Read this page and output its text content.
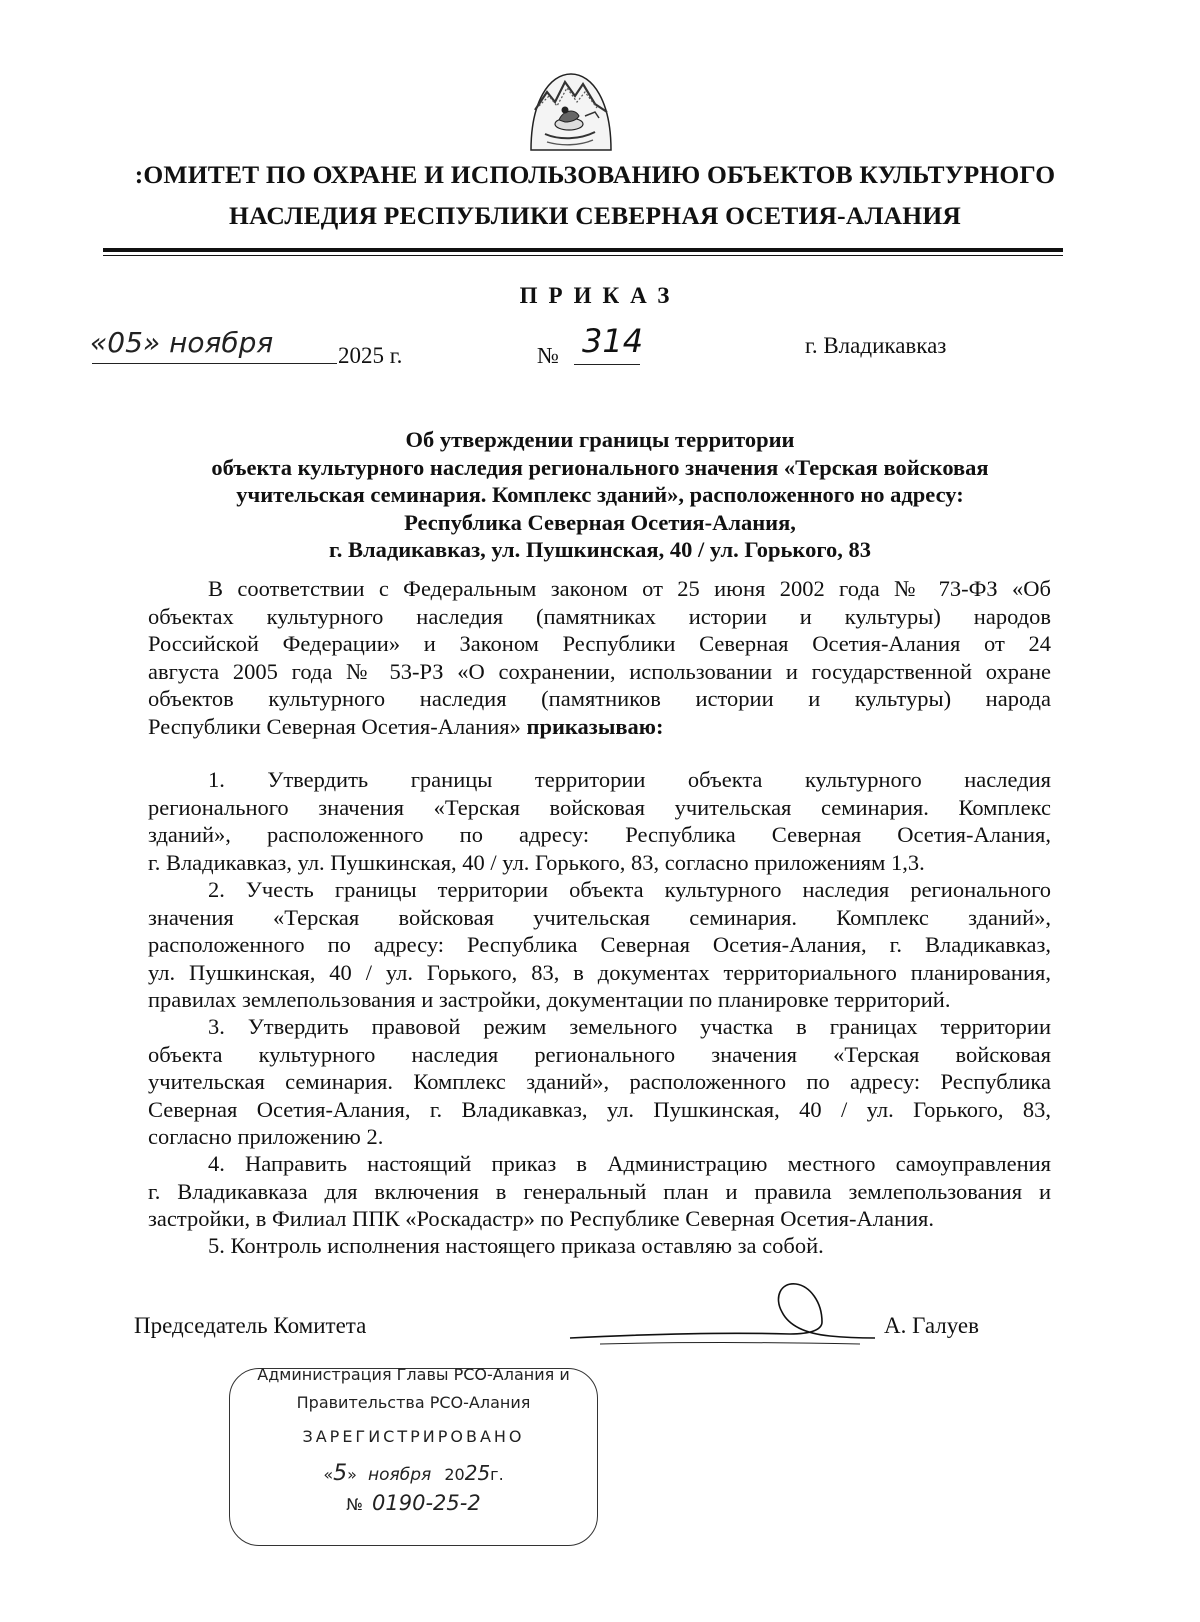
:ОМИТЕТ ПО ОХРАНЕ И ИСПОЛЬЗОВАНИЮ ОБЪЕКТОВ КУЛЬТУРНОГО
НАСЛЕДИЯ РЕСПУБЛИКИ СЕВЕРНАЯ ОСЕТИЯ-АЛАНИЯ
ПРИКАЗ
«05» ноября	2025 г.	№ 314	г. Владикавказ
Об утверждении границы территории
объекта культурного наследия регионального значения «Терская войсковая
учительская семинария. Комплекс зданий», расположенного но адресу:
Республика Северная Осетия-Алания,
г. Владикавказ, ул. Пушкинская, 40 / ул. Горького, 83
В соответствии с Федеральным законом от 25 июня 2002 года № 73-ФЗ «Об
объектах культурного наследия (памятниках истории и культуры) народов
Российской Федерации» и Законом Республики Северная Осетия-Алания от 24
августа 2005 года № 53-РЗ «О сохранении, использовании и государственной охране
объектов культурного наследия (памятников истории и культуры) народа
Республики Северная Осетия-Алания» приказываю:
1. Утвердить границы территории объекта культурного наследия
регионального значения «Терская войсковая учительская семинария. Комплекс
зданий», расположенного по адресу: Республика Северная Осетия-Алания,
г. Владикавказ, ул. Пушкинская, 40 / ул. Горького, 83, согласно приложениям 1,3.
2. Учесть границы территории объекта культурного наследия регионального
значения «Терская войсковая учительская семинария. Комплекс зданий»,
расположенного по адресу: Республика Северная Осетия-Алания, г. Владикавказ,
ул. Пушкинская, 40 / ул. Горького, 83, в документах территориального планирования,
правилах землепользования и застройки, документации по планировке территорий.
3. Утвердить правовой режим земельного участка в границах территории
объекта культурного наследия регионального значения «Терская войсковая
учительская семинария. Комплекс зданий», расположенного по адресу: Республика
Северная Осетия-Алания, г. Владикавказ, ул. Пушкинская, 40 / ул. Горького, 83,
согласно приложению 2.
4. Направить настоящий приказ в Администрацию местного самоуправления
г. Владикавказа для включения в генеральный план и правила землепользования и
застройки, в Филиал ППК «Роскадастр» по Республике Северная Осетия-Алания.
5. Контроль исполнения настоящего приказа оставляю за собой.
Председатель Комитета	А. Галуев
Администрация Главы РСО-Алания и
Правительства РСО-Алания
ЗАРЕГИСТРИРОВАНО
«5» ноября 2025г.
№ 0190-25-2
